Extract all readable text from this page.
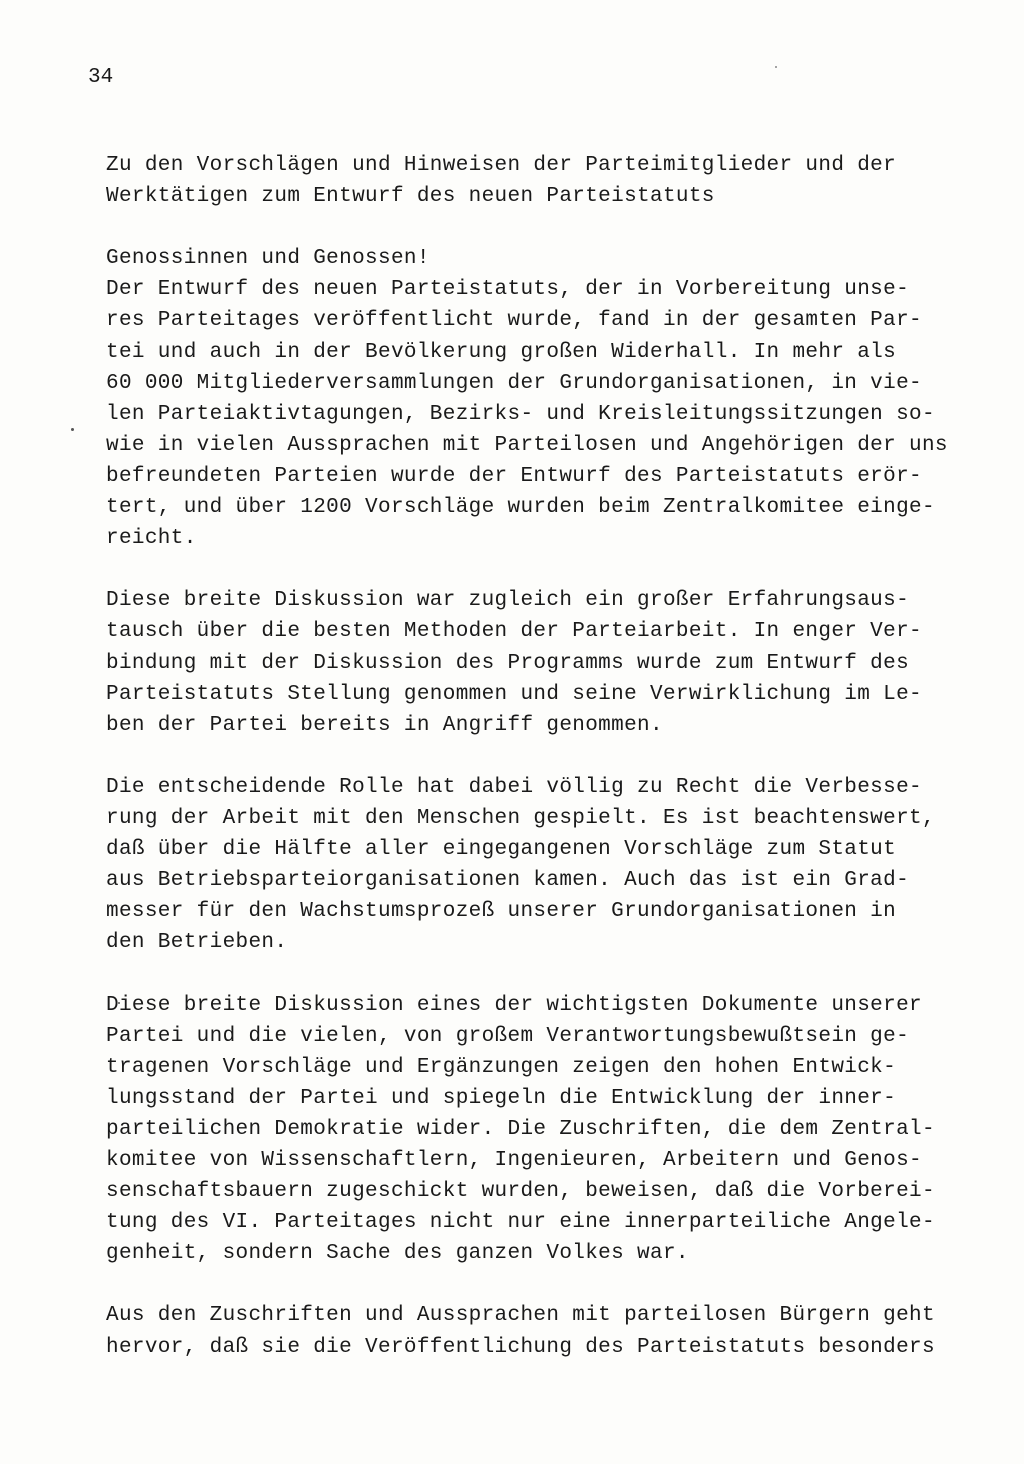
34
Zu den Vorschlägen und Hinweisen der Parteimitglieder und der
Werktätigen zum Entwurf des neuen Parteistatuts
Genossinnen und Genossen!
Der Entwurf des neuen Parteistatuts, der in Vorbereitung unse-
res Parteitages veröffentlicht wurde, fand in der gesamten Par-
tei und auch in der Bevölkerung großen Widerhall. In mehr als
60 000 Mitgliederversammlungen der Grundorganisationen, in vie-
len Parteiaktivtagungen, Bezirks- und Kreisleitungssitzungen so-
wie in vielen Aussprachen mit Parteilosen und Angehörigen der uns
befreundeten Parteien wurde der Entwurf des Parteistatuts erör-
tert, und über 1200 Vorschläge wurden beim Zentralkomitee einge-
reicht.
Diese breite Diskussion war zugleich ein großer Erfahrungsaus-
tausch über die besten Methoden der Parteiarbeit. In enger Ver-
bindung mit der Diskussion des Programms wurde zum Entwurf des
Parteistatuts Stellung genommen und seine Verwirklichung im Le-
ben der Partei bereits in Angriff genommen.
Die entscheidende Rolle hat dabei völlig zu Recht die Verbesse-
rung der Arbeit mit den Menschen gespielt. Es ist beachtenswert,
daß über die Hälfte aller eingegangenen Vorschläge zum Statut
aus Betriebsparteiorganisationen kamen. Auch das ist ein Grad-
messer für den Wachstumsprozeß unserer Grundorganisationen in
den Betrieben.
Diese breite Diskussion eines der wichtigsten Dokumente unserer
Partei und die vielen, von großem Verantwortungsbewußtsein ge-
tragenen Vorschläge und Ergänzungen zeigen den hohen Entwick-
lungsstand der Partei und spiegeln die Entwicklung der inner-
parteilichen Demokratie wider. Die Zuschriften, die dem Zentral-
komitee von Wissenschaftlern, Ingenieuren, Arbeitern und Genos-
senschaftsbauern zugeschickt wurden, beweisen, daß die Vorberei-
tung des VI. Parteitages nicht nur eine innerparteiliche Angele-
genheit, sondern Sache des ganzen Volkes war.
Aus den Zuschriften und Aussprachen mit parteilosen Bürgern geht
hervor, daß sie die Veröffentlichung des Parteistatuts besonders
